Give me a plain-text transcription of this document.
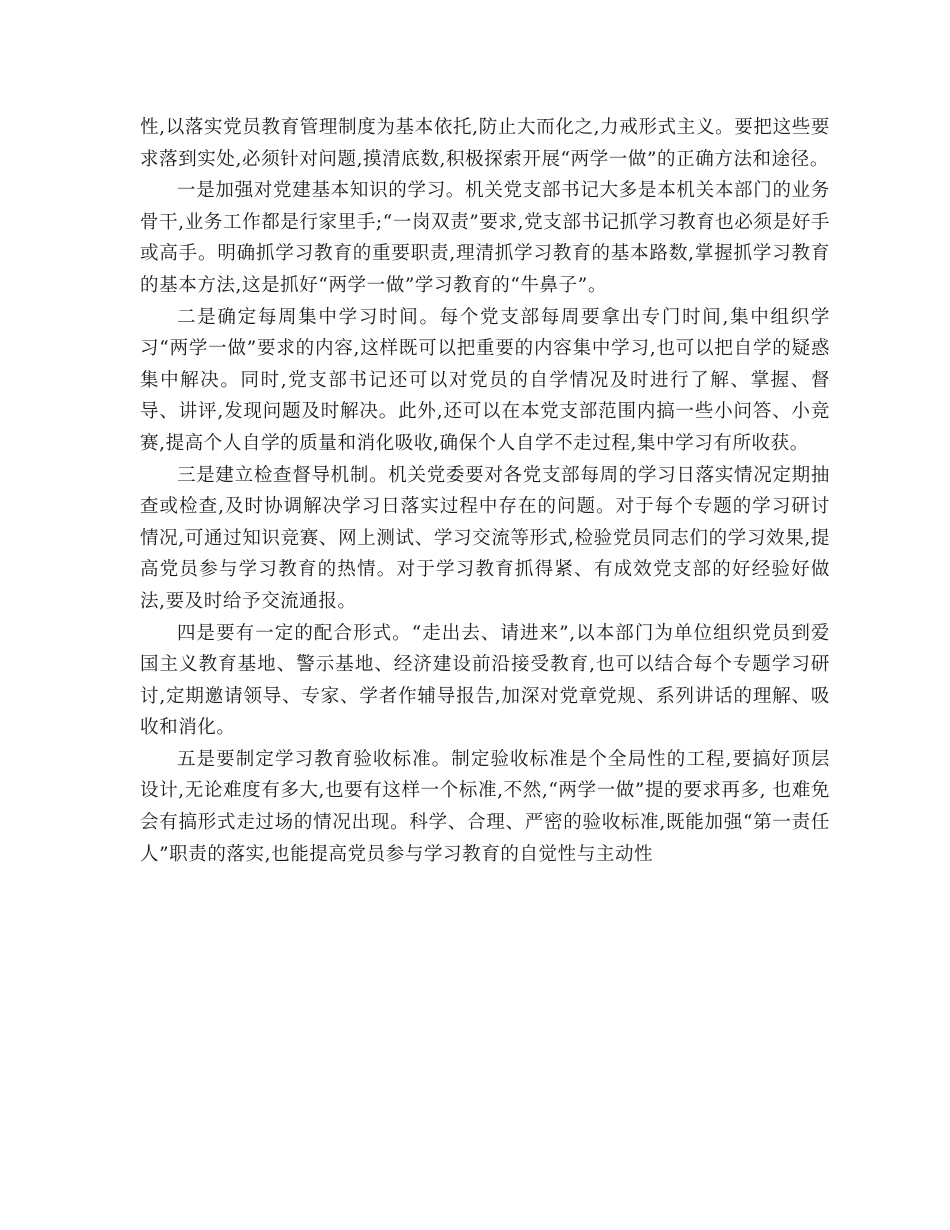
性,以落实党员教育管理制度为基本依托,防止大而化之,力戒形式主义。要把这些要求落到实处,必须针对问题,摸清底数,积极探索开展“两学一做”的正确方法和途径。

一是加强对党建基本知识的学习。机关党支部书记大多是本机关本部门的业务骨干,业务工作都是行家里手;“一岗双责”要求,党支部书记抓学习教育也必须是好手或高手。明确抓学习教育的重要职责,理清抓学习教育的基本路数,掌握抓学习教育的基本方法,这是抓好“两学一做”学习教育的“牛鼻子”。

二是确定每周集中学习时间。每个党支部每周要拿出专门时间,集中组织学习“两学一做”要求的内容,这样既可以把重要的内容集中学习,也可以把自学的疑惑集中解决。同时,党支部书记还可以对党员的自学情况及时进行了解、掌握、督导、讲评,发现问题及时解决。此外,还可以在本党支部范围内搞一些小问答、小竞赛,提高个人自学的质量和消化吸收,确保个人自学不走过程,集中学习有所收获。

三是建立检查督导机制。机关党委要对各党支部每周的学习日落实情况定期抽查或检查,及时协调解决学习日落实过程中存在的问题。对于每个专题的学习研讨情况,可通过知识竞赛、网上测试、学习交流等形式,检验党员同志们的学习效果,提高党员参与学习教育的热情。对于学习教育抓得紧、有成效党支部的好经验好做法,要及时给予交流通报。

四是要有一定的配合形式。“走出去、请进来”,以本部门为单位组织党员到爱国主义教育基地、警示基地、经济建设前沿接受教育,也可以结合每个专题学习研讨,定期邀请领导、专家、学者作辅导报告,加深对党章党规、系列讲话的理解、吸收和消化。

五是要制定学习教育验收标准。制定验收标准是个全局性的工程,要搞好顶层设计,无论难度有多大,也要有这样一个标准,不然,“两学一做”提的要求再多, 也难免会有搞形式走过场的情况出现。科学、合理、严密的验收标准,既能加强“第一责任人”职责的落实,也能提高党员参与学习教育的自觉性与主动性
